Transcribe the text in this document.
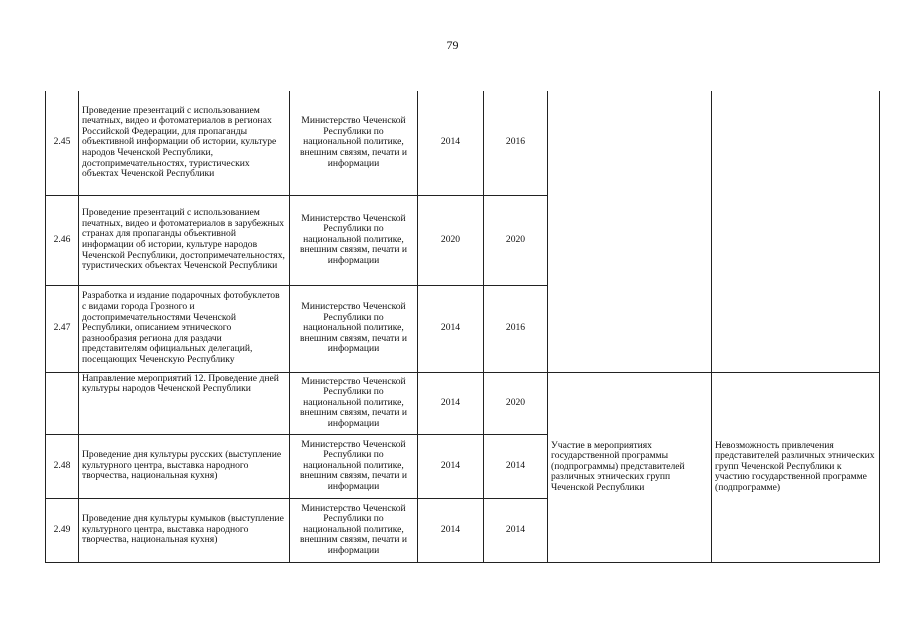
79
2.45	Проведение презентаций с использованием печатных, видео и фотоматериалов в регионах Российской Федерации, для пропаганды объективной информации об истории, культуре народов Чеченской Республики, достопримечательностях, туристических объектах Чеченской Республики	Министерство Чеченской Республики по национальной политике, внешним связям, печати и информации	2014	2016		
2.46	Проведение презентаций с использованием печатных, видео и фотоматериалов в зарубежных странах для пропаганды объективной информации об истории, культуре народов Чеченской Республики, достопримечательностях, туристических объектах Чеченской Республики	Министерство Чеченской Республики по национальной политике, внешним связям, печати и информации	2020	2020		
2.47	Разработка и издание подарочных фотобуклетов с видами города Грозного и достопримечательностями Чеченской Республики, описанием этнического разнообразия региона для раздачи представителям официальных делегаций, посещающих Чеченскую Республику	Министерство Чеченской Республики по национальной политике, внешним связям, печати и информации	2014	2016		
	Направление мероприятий 12. Проведение дней культуры народов Чеченской Республики	Министерство Чеченской Республики по национальной политике, внешним связям, печати и информации	2014	2020	Участие в мероприятиях государственной программы (подпрограммы) представителей различных этнических групп Чеченской Республики	Невозможность привлечения представителей различных этнических групп Чеченской Республики к участию государственной программе (подпрограмме)
2.48	Проведение дня культуры русских (выступление культурного центра, выставка народного творчества, национальная кухня)	Министерство Чеченской Республики по национальной политике, внешним связям, печати и информации	2014	2014		
2.49	Проведение дня культуры кумыков (выступление культурного центра, выставка народного творчества, национальная кухня)	Министерство Чеченской Республики по национальной политике, внешним связям, печати и информации	2014	2014		
